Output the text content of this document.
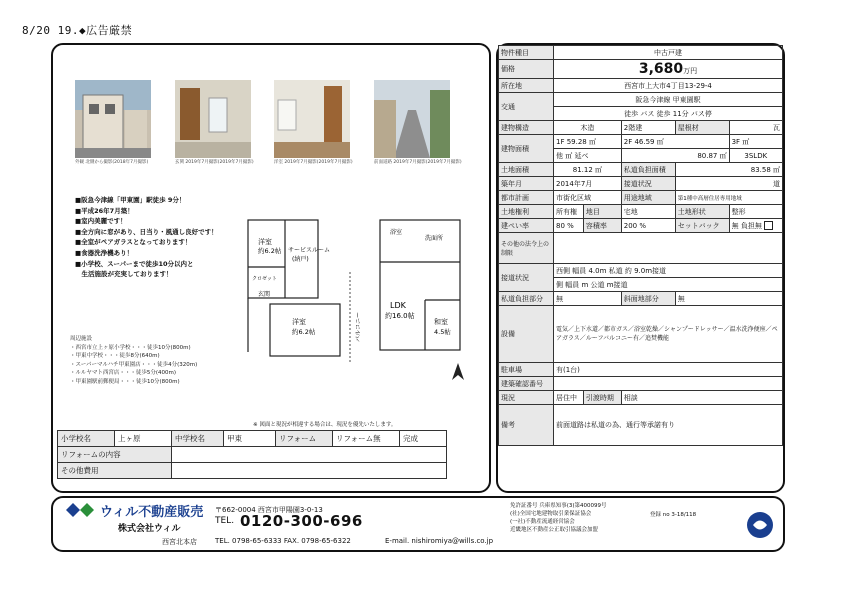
8/20 19.◆広告厳禁
外観 北側から撮影(2018年7月撮影)	玄関 2019年7月撮影(2019年7月撮影)	洋室 2019年7月撮影(2019年7月撮影)	前面道路 2019年7月撮影(2019年7月撮影)
■阪急今津線「甲東園」駅徒歩 9分！
■平成26年7月築！
■室内美麗です！
■全方向に窓があり、日当り・風通し良好です！
■全室がペアガラスとなっております！
■食器洗浄機あり！
■小学校、スーパーまで徒歩10分以内と
　生活施設が充実しております！
洋室
約6.2帖 サービスルーム
(納戸)
クロゼット
玄関
洋室
約6.2帖
浴室
洗面所
LDK
約16.0帖
和室
4.5帖
バルコニー
周辺施設
・西宮市立上ヶ原小学校・・・徒歩10分(800m)
・甲東中学校・・・徒歩8分(640m)
・スーパーマルハチ甲東園店・・・徒歩4分(320m)
・ルルヤマト西宮店・・・徒歩5分(400m)
・甲東園駅前郵便局・・・徒歩10分(800m)
※ 図面と現況が相違する場合は、現況を優先いたします。
小学校名	上ヶ原	中学校名	甲東	リフォーム	リフォーム無	完成
リフォームの内容						
その他費用						
物件種目	中古戸建				
価格	3,680万円				
所在地	西宮市上大市4丁目13-29-4				
交通	阪急今津線 甲東園駅				
	徒歩 バス 徒歩 11分 バス停				
建物構造	木造		2階建	屋根材	瓦
建物面積	1F 59.28 ㎡		2F 46.59 ㎡		3F ㎡
	他 ㎡ 延べ		80.87 ㎡		3SLDK
土地面積	81.12 ㎡		私道負担面積	83.58 ㎡	
築年月	2014年7月		接道状況	道	
都市計画	市街化区域		用途地域	第1種中高層住居専用地域	
土地権利	所有権	地目	宅地	土地形状	整形
建ぺい率	80 %	容積率	200 %	セットバック	無 負担無
その他の法令上の制限					
接道状況	西側 幅員 4.0m 私道 約 9.0m接道				
	側 幅員 m 公道 m接道				
私道負担部分	無		斜面地部分	無	
設備	電気／上下水道／都市ガス／浴室乾燥／シャンプードレッサー／温水洗浄便座／ペアガラス／ルーフバルコニー有／追焚機能				
駐車場	有(1台)				
建築確認番号					
現況	居住中	引渡時期	相談		
備考	前面道路は私道の為、通行等承諾有り				
ウィル不動産販売
株式会社ウィル
〒662-0004 西宮市甲陽園3-0-13
TEL. 0120-300-696
西宮北本店	TEL. 0798-65-6333 FAX. 0798-65-6322	E-mail. nishiromiya@wills.co.jp
免許証番号 兵庫県知事(3)第400099号
(社)全国宅地建物取引業保証協会
(一社)不動産流通経営協会
近畿地区不動産公正取引協議会加盟
登録 no 3-18/118
